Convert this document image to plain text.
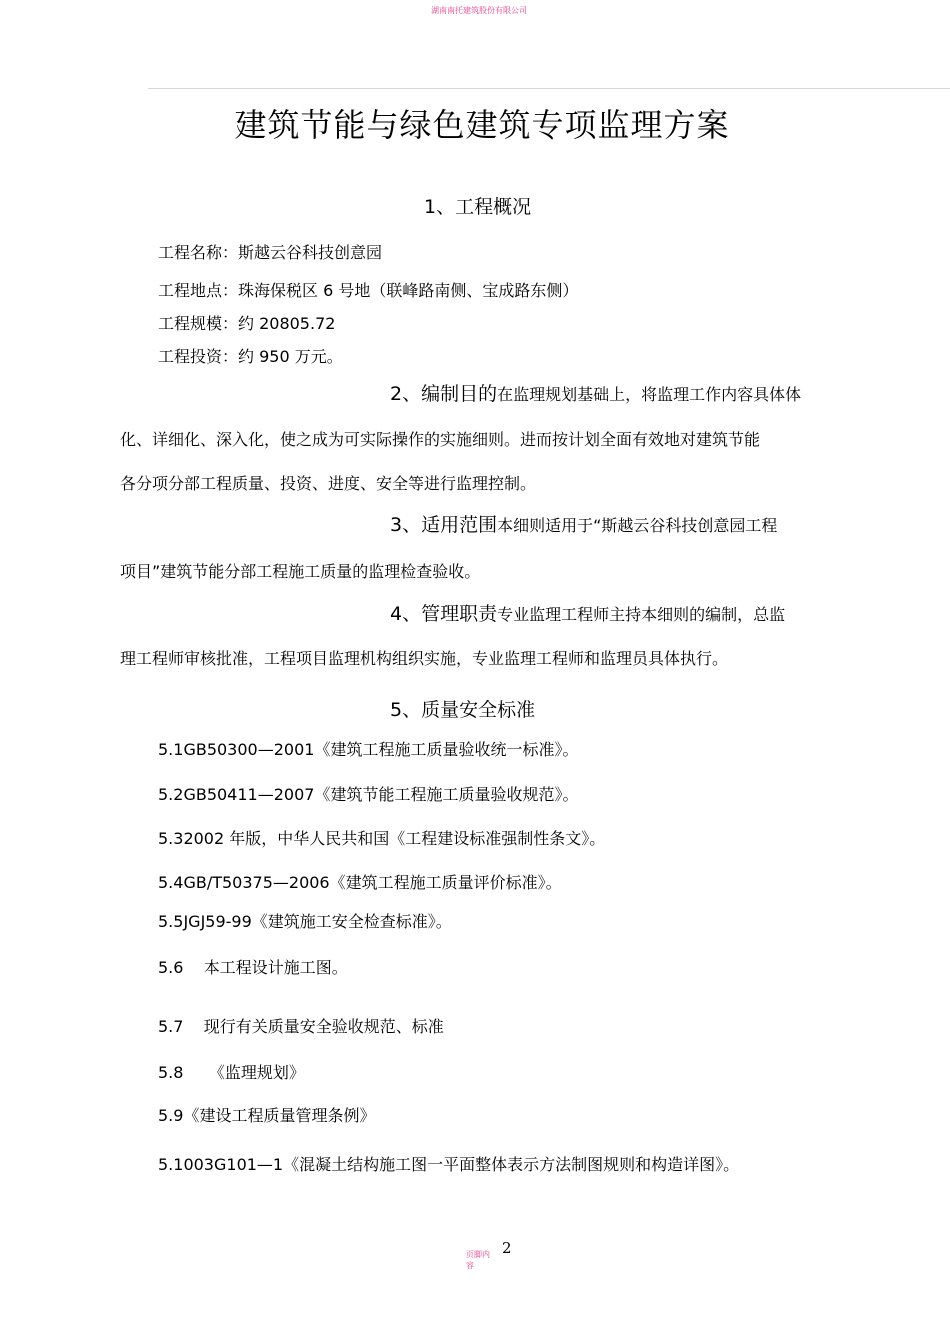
湖南南托建筑股份有限公司
建筑节能与绿色建筑专项监理方案
1、工程概况
工程名称：斯越云谷科技创意园
工程地点：珠海保税区 6 号地（联峰路南侧、宝成路东侧）
工程规模：约 20805.72
工程投资：约 950 万元。
2、编制目的在监理规划基础上，将监理工作内容具体体
化、详细化、深入化，使之成为可实际操作的实施细则。进而按计划全面有效地对建筑节能
各分项分部工程质量、投资、进度、安全等进行监理控制。
3、适用范围本细则适用于“斯越云谷科技创意园工程
项目”建筑节能分部工程施工质量的监理检查验收。
4、管理职责专业监理工程师主持本细则的编制，总监
理工程师审核批准，工程项目监理机构组织实施，专业监理工程师和监理员具体执行。
5、质量安全标准
5.1GB50300—2001《建筑工程施工质量验收统一标准》。
5.2GB50411—2007《建筑节能工程施工质量验收规范》。
5.32002 年版，中华人民共和国《工程建设标准强制性条文》。
5.4GB/T50375—2006《建筑工程施工质量评价标准》。
5.5JGJ59-99《建筑施工安全检查标准》。
5.6    本工程设计施工图。
5.7    现行有关质量安全验收规范、标准
5.8     《监理规划》
5.9《建设工程质量管理条例》
5.1003G101—1《混凝土结构施工图一平面整体表示方法制图规则和构造详图》。
页脚内容
2
